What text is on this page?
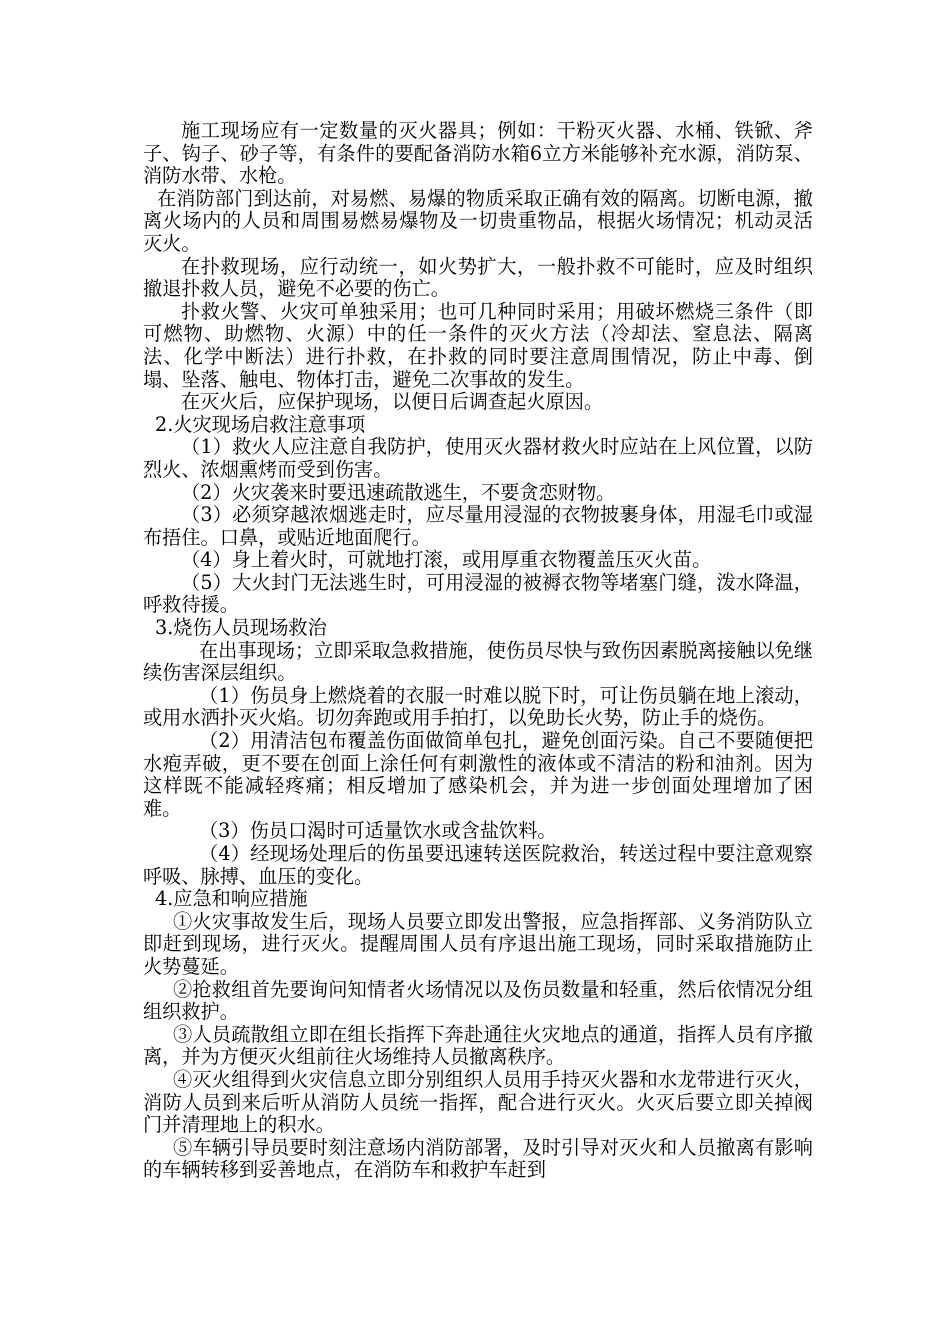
施工现场应有一定数量的灭火器具；例如：干粉灭火器、水桶、铁锨、斧子、钩子、砂子等，有条件的要配备消防水箱6立方米能够补充水源，消防泵、消防水带、水枪。

在消防部门到达前，对易燃、易爆的物质采取正确有效的隔离。切断电源，撤离火场内的人员和周围易燃易爆物及一切贵重物品，根据火场情况；机动灵活灭火。

在扑救现场，应行动统一，如火势扩大，一般扑救不可能时，应及时组织撤退扑救人员，避免不必要的伤亡。

扑救火警、火灾可单独采用；也可几种同时采用；用破坏燃烧三条件（即可燃物、助燃物、火源）中的任一条件的灭火方法（冷却法、窒息法、隔离法、化学中断法）进行扑救，在扑救的同时要注意周围情况，防止中毒、倒塌、坠落、触电、物体打击，避免二次事故的发生。

在灭火后，应保护现场，以便日后调查起火原因。

2.火灾现场启救注意事项

（1）救火人应注意自我防护，使用灭火器材救火时应站在上风位置，以防烈火、浓烟熏烤而受到伤害。

（2）火灾袭来时要迅速疏散逃生，不要贪恋财物。

（3）必须穿越浓烟逃走时，应尽量用浸湿的衣物披裹身体，用湿毛巾或湿布捂住。口鼻，或贴近地面爬行。

（4）身上着火时，可就地打滚，或用厚重衣物覆盖压灭火苗。

（5）大火封门无法逃生时，可用浸湿的被褥衣物等堵塞门缝，泼水降温，呼救待援。

3.烧伤人员现场救治

在出事现场；立即采取急救措施，使伤员尽快与致伤因素脱离接触以免继续伤害深层组织。

（1）伤员身上燃烧着的衣服一时难以脱下时，可让伤员躺在地上滚动，或用水洒扑灭火焰。切勿奔跑或用手拍打，以免助长火势，防止手的烧伤。

（2）用清洁包布覆盖伤面做简单包扎，避免创面污染。自己不要随便把水疱弄破，更不要在创面上涂任何有刺激性的液体或不清洁的粉和油剂。因为这样既不能减轻疼痛；相反增加了感染机会，并为进一步创面处理增加了困难。

（3）伤员口渴时可适量饮水或含盐饮料。

（4）经现场处理后的伤虽要迅速转送医院救治，转送过程中要注意观察呼吸、脉搏、血压的变化。

4.应急和响应措施

①火灾事故发生后，现场人员要立即发出警报，应急指挥部、义务消防队立即赶到现场，进行灭火。提醒周围人员有序退出施工现场，同时采取措施防止火势蔓延。

②抢救组首先要询问知情者火场情况以及伤员数量和轻重，然后依情况分组组织救护。

③人员疏散组立即在组长指挥下奔赴通往火灾地点的通道，指挥人员有序撤离，并为方便灭火组前往火场维持人员撤离秩序。

④灭火组得到火灾信息立即分别组织人员用手持灭火器和水龙带进行灭火，消防人员到来后听从消防人员统一指挥，配合进行灭火。火灭后要立即关掉阀门并清理地上的积水。

⑤车辆引导员要时刻注意场内消防部署，及时引导对灭火和人员撤离有影响的车辆转移到妥善地点，在消防车和救护车赶到
